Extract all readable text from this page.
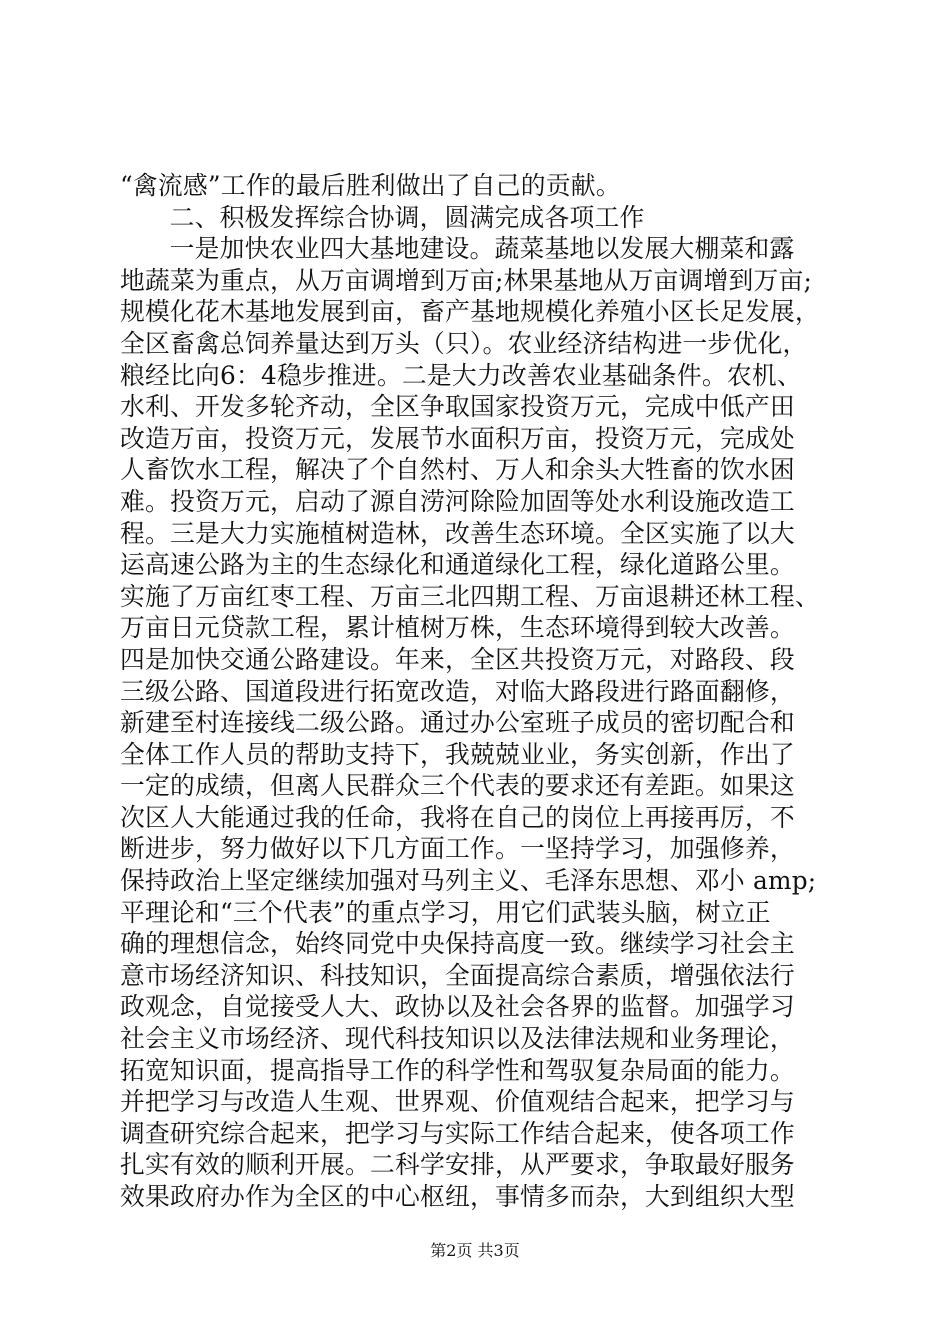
“禽流感”工作的最后胜利做出了自己的贡献。
二、积极发挥综合协调，圆满完成各项工作
一是加快农业四大基地建设。蔬菜基地以发展大棚菜和露
地蔬菜为重点，从万亩调增到万亩;林果基地从万亩调增到万亩;
规模化花木基地发展到亩，畜产基地规模化养殖小区长足发展，
全区畜禽总饲养量达到万头（只）。农业经济结构进一步优化，
粮经比向6：4稳步推进。二是大力改善农业基础条件。农机、
水利、开发多轮齐动，全区争取国家投资万元，完成中低产田
改造万亩，投资万元，发展节水面积万亩，投资万元，完成处
人畜饮水工程，解决了个自然村、万人和余头大牲畜的饮水困
难。投资万元，启动了源自涝河除险加固等处水利设施改造工
程。三是大力实施植树造林，改善生态环境。全区实施了以大
运高速公路为主的生态绿化和通道绿化工程，绿化道路公里。
实施了万亩红枣工程、万亩三北四期工程、万亩退耕还林工程、
万亩日元贷款工程，累计植树万株，生态环境得到较大改善。
四是加快交通公路建设。年来，全区共投资万元，对路段、段
三级公路、国道段进行拓宽改造，对临大路段进行路面翻修，
新建至村连接线二级公路。通过办公室班子成员的密切配合和
全体工作人员的帮助支持下，我兢兢业业，务实创新，作出了
一定的成绩，但离人民群众三个代表的要求还有差距。如果这
次区人大能通过我的任命，我将在自己的岗位上再接再厉，不
断进步，努力做好以下几方面工作。一坚持学习，加强修养，
保持政治上坚定继续加强对马列主义、毛泽东思想、邓小 amp;
平理论和“三个代表”的重点学习，用它们武装头脑，树立正
确的理想信念，始终同党中央保持高度一致。继续学习社会主
意市场经济知识、科技知识，全面提高综合素质，增强依法行
政观念，自觉接受人大、政协以及社会各界的监督。加强学习
社会主义市场经济、现代科技知识以及法律法规和业务理论，
拓宽知识面，提高指导工作的科学性和驾驭复杂局面的能力。
并把学习与改造人生观、世界观、价值观结合起来，把学习与
调查研究综合起来，把学习与实际工作结合起来，使各项工作
扎实有效的顺利开展。二科学安排，从严要求，争取最好服务
效果政府办作为全区的中心枢纽，事情多而杂，大到组织大型
第2页 共3页
